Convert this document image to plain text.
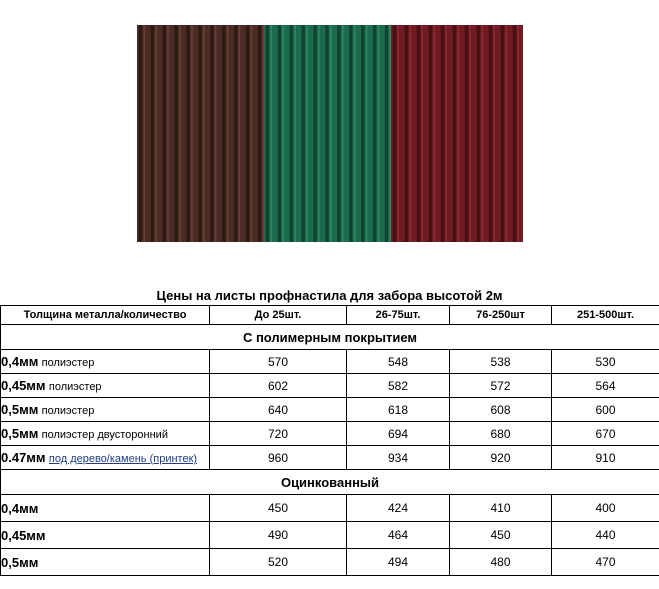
Цены на листы профнастила для забора высотой 2м
Толщина металла/количество	До 25шт.	26-75шт.	76-250шт	251-500шт.
С полимерным покрытием				
0,4мм полиэстер	570	548	538	530
0,45мм полиэстер	602	582	572	564
0,5мм полиэстер	640	618	608	600
0,5мм полиэстер двусторонний	720	694	680	670
0.47мм под дерево/камень (принтек)	960	934	920	910
Оцинкованный				
0,4мм	450	424	410	400
0,45мм	490	464	450	440
0,5мм	520	494	480	470
